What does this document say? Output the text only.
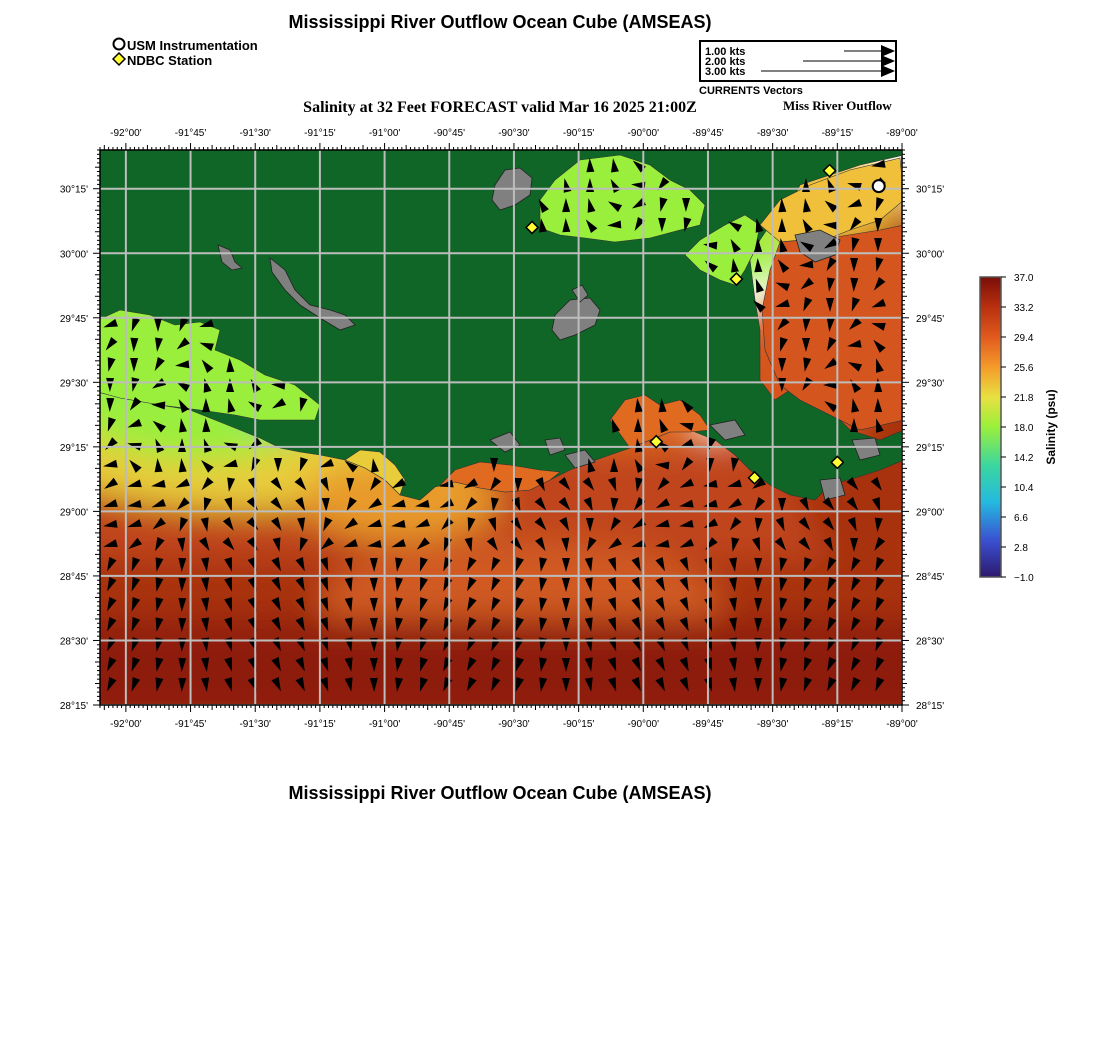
Mississippi River Outflow Ocean Cube (AMSEAS)
USM Instrumentation
NDBC Station
1.00 kts
2.00 kts
3.00 kts
CURRENTS Vectors
Salinity at 32 Feet FORECAST valid Mar 16 2025 21:00Z	Miss River Outflow
-92°00'	-91°45'	-91°30'	-91°15'	-91°00'	-90°45'	-90°30'	-90°15'	-90°00'	-89°45'	-89°30'	-89°15'	-89°00'
-92°00'	-91°45'	-91°30'	-91°15'	-91°00'	-90°45'	-90°30'	-90°15'	-90°00'	-89°45'	-89°30'	-89°15'	-89°00'
30°15'
30°00'
29°45'
29°30'
29°15'
29°00'
28°45'
28°30'
28°15'
30°15'
30°00'
29°45'
29°30'
29°15'
29°00'
28°45'
28°30'
28°15'
37.0
33.2
29.4
25.6
21.8
18.0
14.2
10.4
6.6
2.8
−1.0
Salinity (psu)
Mississippi River Outflow Ocean Cube (AMSEAS)
